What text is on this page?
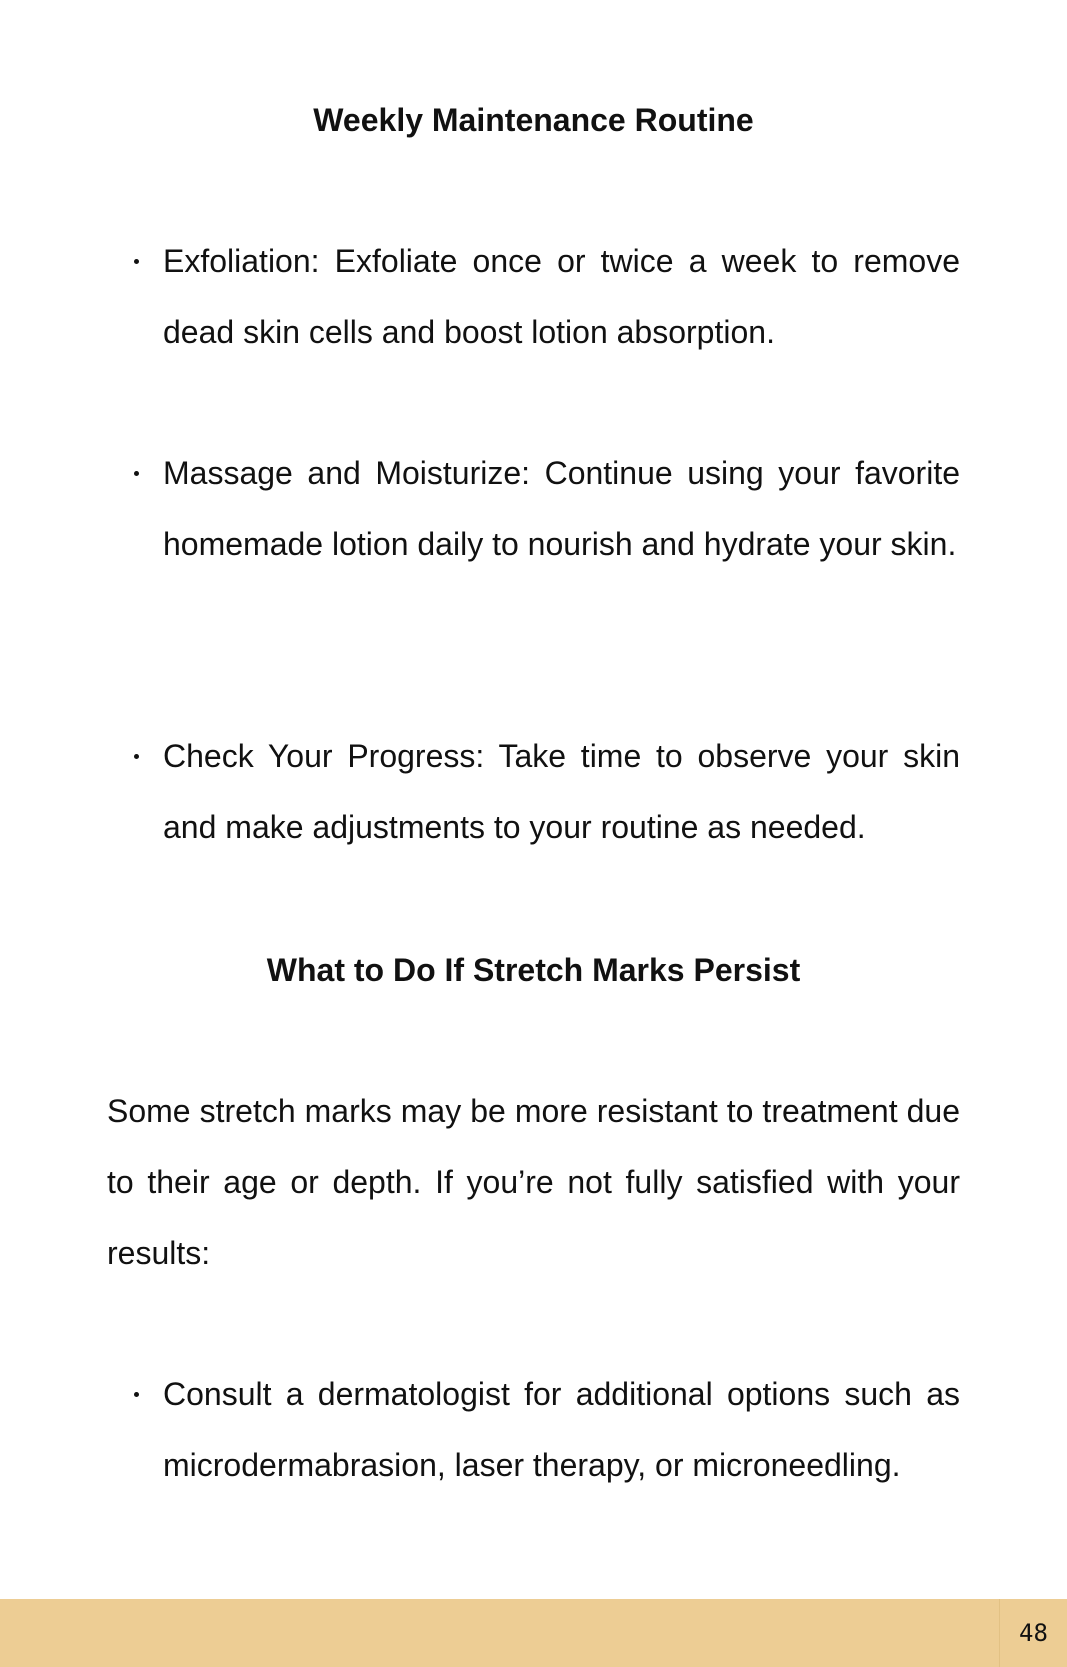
Weekly Maintenance Routine
Exfoliation: Exfoliate once or twice a week to remove dead skin cells and boost lotion absorption.
Massage and Moisturize: Continue using your favorite homemade lotion daily to nourish and hydrate your skin.
Check Your Progress: Take time to observe your skin and make adjustments to your routine as needed.
What to Do If Stretch Marks Persist

Some stretch marks may be more resistant to treatment due to their age or depth. If you’re not fully satisfied with your results:

Consult a dermatologist for additional options such as microdermabrasion, laser therapy, or microneedling.
48
